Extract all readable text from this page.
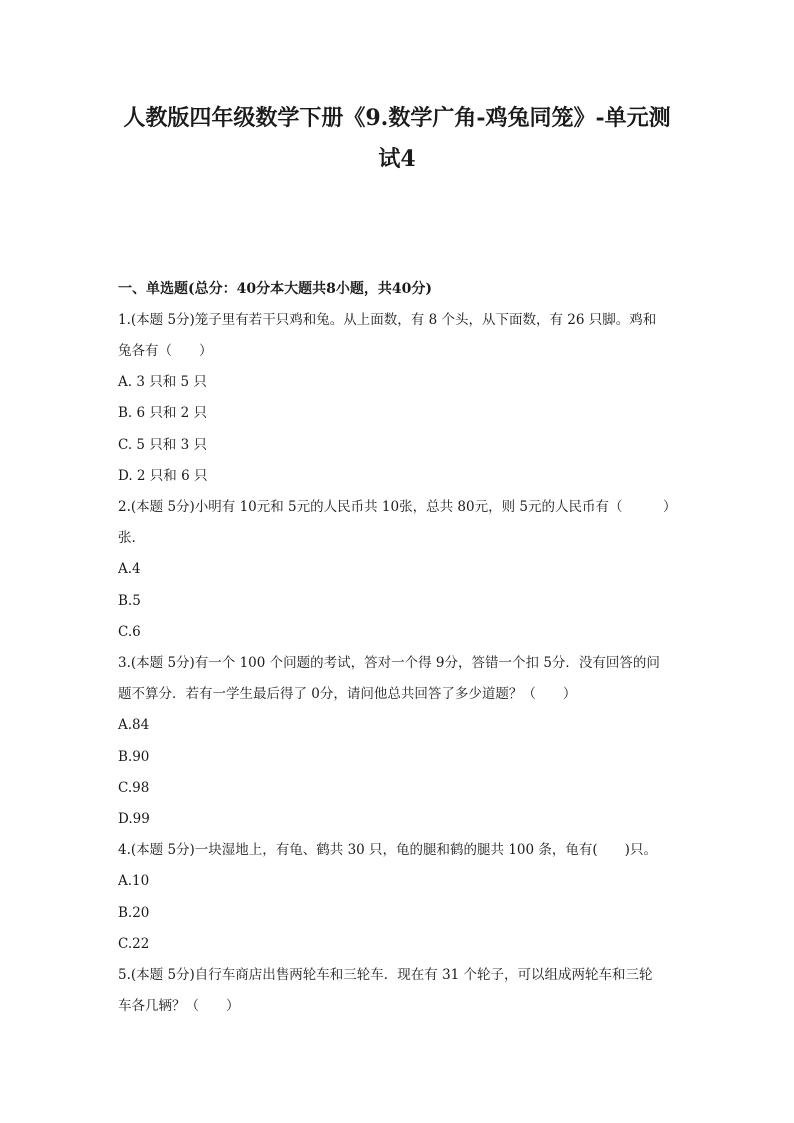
人教版四年级数学下册《9.数学广角-鸡兔同笼》-单元测
试4
一、单选题(总分：40分本大题共8小题，共40分)
1.(本题 5分)笼子里有若干只鸡和兔。从上面数，有 8 个头，从下面数，有 26 只脚。鸡和
兔各有（　　）
A. 3 只和 5 只
B. 6 只和 2 只
C. 5 只和 3 只
D. 2 只和 6 只
2.(本题 5分)小明有 10元和 5元的人民币共 10张，总共 80元，则 5元的人民币有（　　　）
张.
A.4
B.5
C.6
3.(本题 5分)有一个 100 个问题的考试，答对一个得 9分，答错一个扣 5分．没有回答的问
题不算分．若有一学生最后得了 0分，请问他总共回答了多少道题？（　　）
A.84
B.90
C.98
D.99
4.(本题 5分)一块湿地上，有龟、鹤共 30 只，龟的腿和鹤的腿共 100 条，龟有(　　)只。
A.10
B.20
C.22
5.(本题 5分)自行车商店出售两轮车和三轮车．现在有 31 个轮子，可以组成两轮车和三轮
车各几辆？（　　）
